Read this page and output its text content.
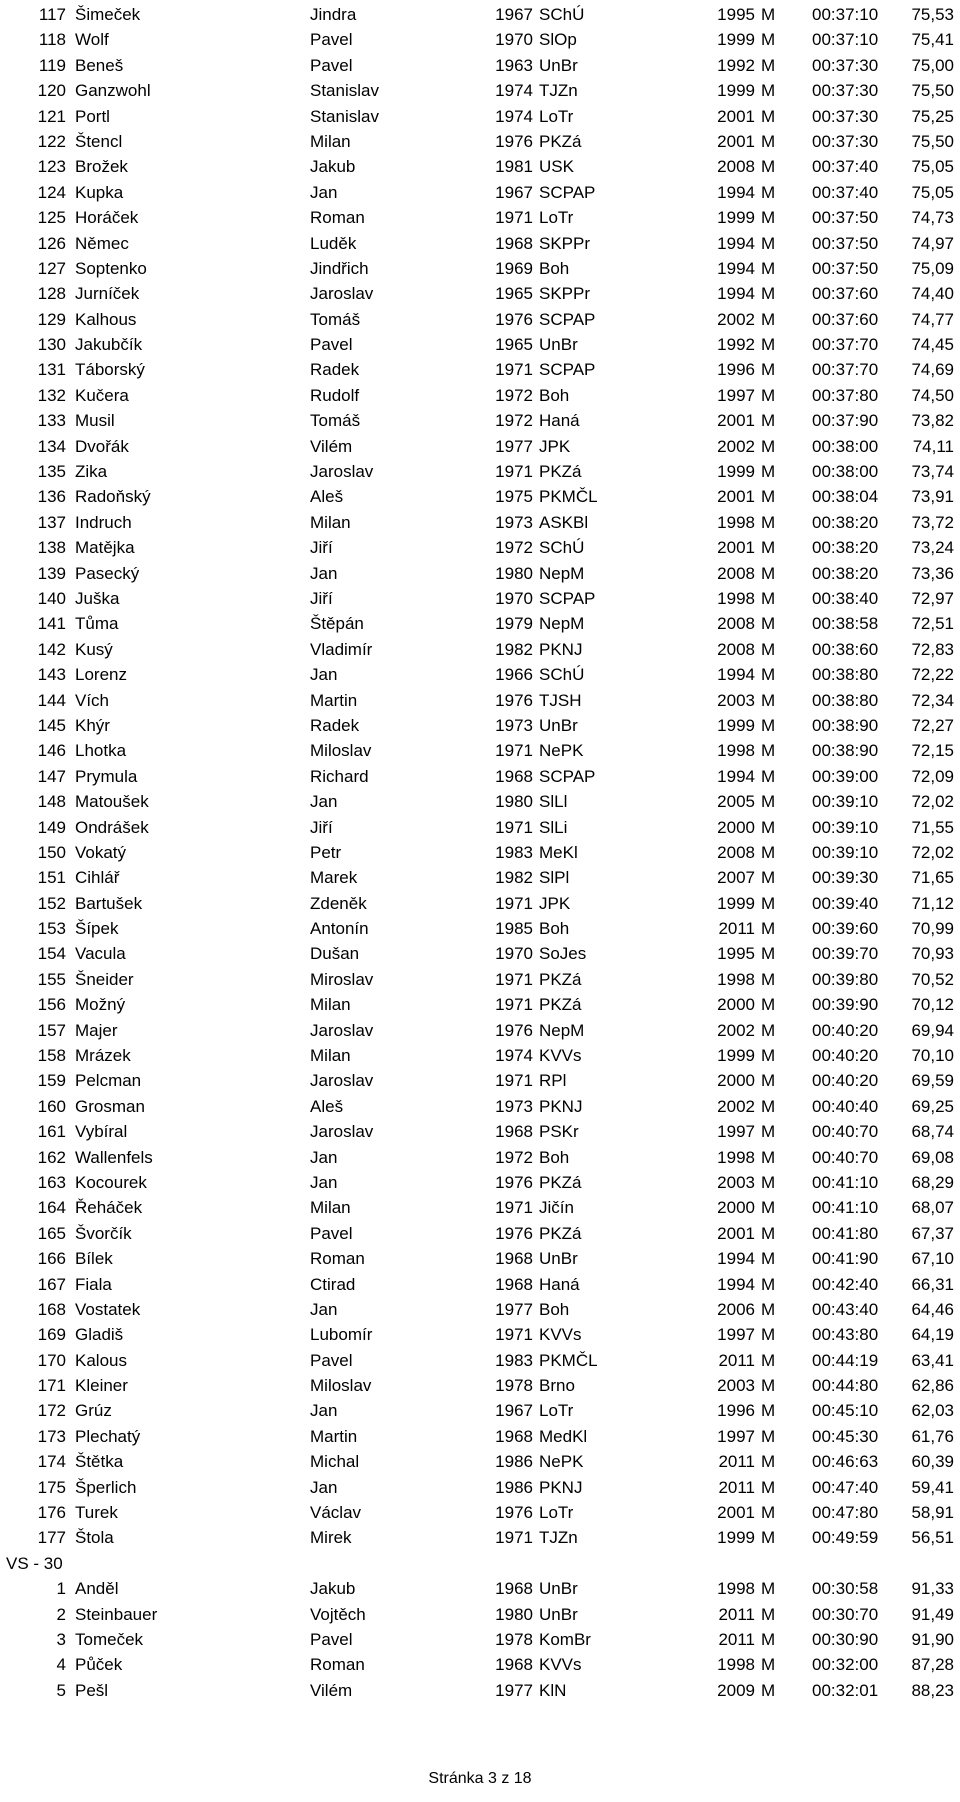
117 Šimeček	Jindra	1967 SChÚ	1995 M 00:37:10	75,53
118 Wolf	Pavel	1970 SlOp	1999 M 00:37:10	75,41
119 Beneš	Pavel	1963 UnBr	1992 M 00:37:30	75,00
120 Ganzwohl	Stanislav	1974 TJZn	1999 M 00:37:30	75,50
121 Portl	Stanislav	1974 LoTr	2001 M 00:37:30	75,25
122 Štencl	Milan	1976 PKZá	2001 M 00:37:30	75,50
123 Brožek	Jakub	1981 USK	2008 M 00:37:40	75,05
124 Kupka	Jan	1967 SCPAP	1994 M 00:37:40	75,05
125 Horáček	Roman	1971 LoTr	1999 M 00:37:50	74,73
126 Němec	Luděk	1968 SKPPr	1994 M 00:37:50	74,97
127 Soptenko	Jindřich	1969 Boh	1994 M 00:37:50	75,09
128 Jurníček	Jaroslav	1965 SKPPr	1994 M 00:37:60	74,40
129 Kalhous	Tomáš	1976 SCPAP	2002 M 00:37:60	74,77
130 Jakubčík	Pavel	1965 UnBr	1992 M 00:37:70	74,45
131 Táborský	Radek	1971 SCPAP	1996 M 00:37:70	74,69
132 Kučera	Rudolf	1972 Boh	1997 M 00:37:80	74,50
133 Musil	Tomáš	1972 Haná	2001 M 00:37:90	73,82
134 Dvořák	Vilém	1977 JPK	2002 M 00:38:00	74,11
135 Zika	Jaroslav	1971 PKZá	1999 M 00:38:00	73,74
136 Radoňský	Aleš	1975 PKMČL	2001 M 00:38:04	73,91
137 Indruch	Milan	1973 ASKBl	1998 M 00:38:20	73,72
138 Matějka	Jiří	1972 SChÚ	2001 M 00:38:20	73,24
139 Pasecký	Jan	1980 NepM	2008 M 00:38:20	73,36
140 Juška	Jiří	1970 SCPAP	1998 M 00:38:40	72,97
141 Tůma	Štěpán	1979 NepM	2008 M 00:38:58	72,51
142 Kusý	Vladimír	1982 PKNJ	2008 M 00:38:60	72,83
143 Lorenz	Jan	1966 SChÚ	1994 M 00:38:80	72,22
144 Vích	Martin	1976 TJSH	2003 M 00:38:80	72,34
145 Khýr	Radek	1973 UnBr	1999 M 00:38:90	72,27
146 Lhotka	Miloslav	1971 NePK	1998 M 00:38:90	72,15
147 Prymula	Richard	1968 SCPAP	1994 M 00:39:00	72,09
148 Matoušek	Jan	1980 SlLl	2005 M 00:39:10	72,02
149 Ondrášek	Jiří	1971 SlLi	2000 M 00:39:10	71,55
150 Vokatý	Petr	1983 MeKl	2008 M 00:39:10	72,02
151 Cihlář	Marek	1982 SlPl	2007 M 00:39:30	71,65
152 Bartušek	Zdeněk	1971 JPK	1999 M 00:39:40	71,12
153 Šípek	Antonín	1985 Boh	2011 M 00:39:60	70,99
154 Vacula	Dušan	1970 SoJes	1995 M 00:39:70	70,93
155 Šneider	Miroslav	1971 PKZá	1998 M 00:39:80	70,52
156 Možný	Milan	1971 PKZá	2000 M 00:39:90	70,12
157 Majer	Jaroslav	1976 NepM	2002 M 00:40:20	69,94
158 Mrázek	Milan	1974 KVVs	1999 M 00:40:20	70,10
159 Pelcman	Jaroslav	1971 RPl	2000 M 00:40:20	69,59
160 Grosman	Aleš	1973 PKNJ	2002 M 00:40:40	69,25
161 Vybíral	Jaroslav	1968 PSKr	1997 M 00:40:70	68,74
162 Wallenfels	Jan	1972 Boh	1998 M 00:40:70	69,08
163 Kocourek	Jan	1976 PKZá	2003 M 00:41:10	68,29
164 Řeháček	Milan	1971 Jičín	2000 M 00:41:10	68,07
165 Švorčík	Pavel	1976 PKZá	2001 M 00:41:80	67,37
166 Bílek	Roman	1968 UnBr	1994 M 00:41:90	67,10
167 Fiala	Ctirad	1968 Haná	1994 M 00:42:40	66,31
168 Vostatek	Jan	1977 Boh	2006 M 00:43:40	64,46
169 Gladiš	Lubomír	1971 KVVs	1997 M 00:43:80	64,19
170 Kalous	Pavel	1983 PKMČL	2011 M 00:44:19	63,41
171 Kleiner	Miloslav	1978 Brno	2003 M 00:44:80	62,86
172 Grúz	Jan	1967 LoTr	1996 M 00:45:10	62,03
173 Plechatý	Martin	1968 MedKl	1997 M 00:45:30	61,76
174 Štětka	Michal	1986 NePK	2011 M 00:46:63	60,39
175 Šperlich	Jan	1986 PKNJ	2011 M 00:47:40	59,41
176 Turek	Václav	1976 LoTr	2001 M 00:47:80	58,91
177 Štola	Mirek	1971 TJZn	1999 M 00:49:59	56,51
VS - 30
1 Anděl	Jakub	1968 UnBr	1998 M 00:30:58	91,33
2 Steinbauer	Vojtěch	1980 UnBr	2011 M 00:30:70	91,49
3 Tomeček	Pavel	1978 KomBr	2011 M 00:30:90	91,90
4 Půček	Roman	1968 KVVs	1998 M 00:32:00	87,28
5 Pešl	Vilém	1977 KlN	2009 M 00:32:01	88,23
Stránka 3 z 18
